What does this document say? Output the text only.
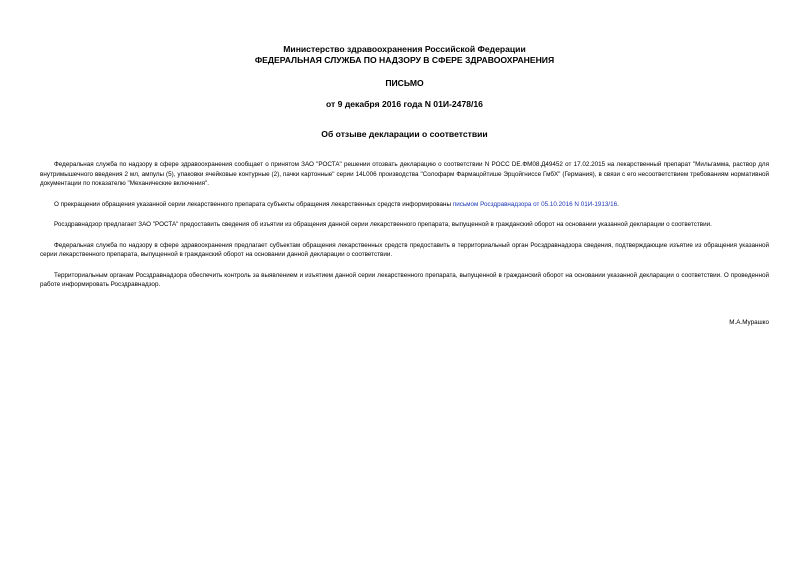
Министерство здравоохранения Российской Федерации
ФЕДЕРАЛЬНАЯ СЛУЖБА ПО НАДЗОРУ В СФЕРЕ ЗДРАВООХРАНЕНИЯ
ПИСЬМО
от 9 декабря 2016 года N 01И-2478/16
Об отзыве декларации о соответствии

Федеральная служба по надзору в сфере здравоохранения сообщает о принятом ЗАО "РОСТА" решении отозвать декларацию о соответствии N РОСС DE.ФМ08.Д49452 от 17.02.2015 на лекарственный препарат "Мильгамма, раствор для внутримышечного введения 2 мл, ампулы (5), упаковки ячейковые контурные (2), пачки картонные" серии 14L006 производства "Солофарм Фармацойтише Эрцойгниссе ГмбХ" (Германия), в связи с его несоответствием требованиям нормативной документации по показателю "Механические включения".

О прекращении обращения указанной серии лекарственного препарата субъекты обращения лекарственных средств информированы письмом Росздравнадзора от 05.10.2016 N 01И-1913/16.

Росздравнадзор предлагает ЗАО "РОСТА" предоставить сведения об изъятии из обращения данной серии лекарственного препарата, выпущенной в гражданский оборот на основании указанной декларации о соответствии.

Федеральная служба по надзору в сфере здравоохранения предлагает субъектам обращения лекарственных средств предоставить в территориальный орган Росздравнадзора сведения, подтверждающие изъятие из обращения указанной серии лекарственного препарата, выпущенной в гражданский оборот на основании данной декларации о соответствии.

Территориальным органам Росздравнадзора обеспечить контроль за выявлением и изъятием данной серии лекарственного препарата, выпущенной в гражданский оборот на основании указанной декларации о соответствии. О проведенной работе информировать Росздравнадзор.

М.А.Мурашко
